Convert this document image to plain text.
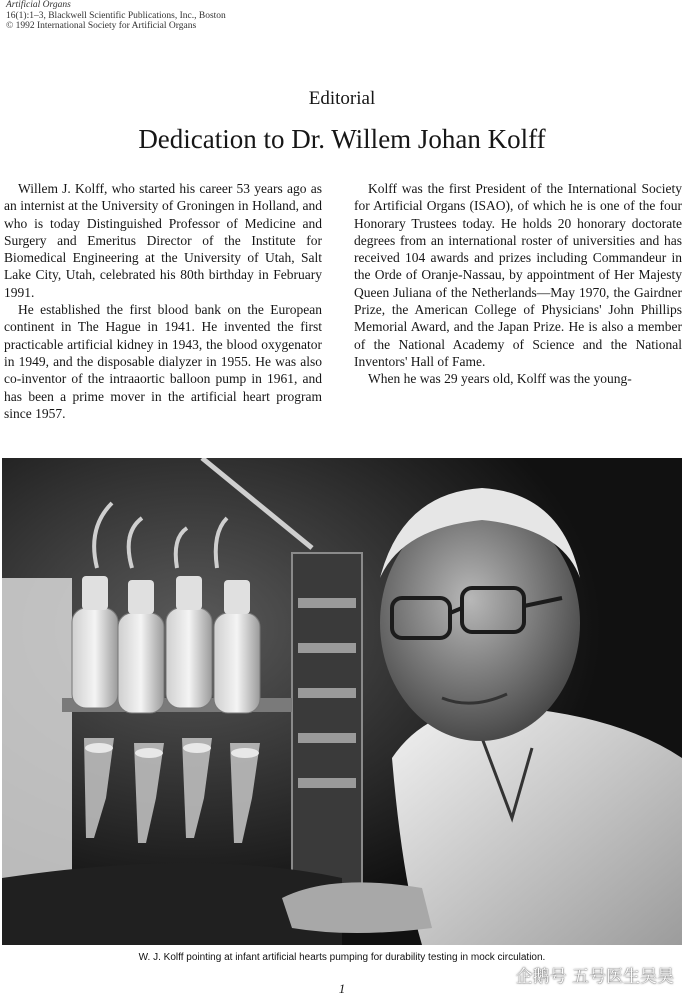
Artificial Organs
16(1):1–3, Blackwell Scientific Publications, Inc., Boston
© 1992 International Society for Artificial Organs
Editorial
Dedication to Dr. Willem Johan Kolff

Willem J. Kolff, who started his career 53 years ago as an internist at the University of Groningen in Holland, and who is today Distinguished Professor of Medicine and Surgery and Emeritus Director of the Institute for Biomedical Engineering at the University of Utah, Salt Lake City, Utah, celebrated his 80th birthday in February 1991.

He established the first blood bank on the European continent in The Hague in 1941. He invented the first practicable artificial kidney in 1943, the blood oxygenator in 1949, and the disposable dialyzer in 1955. He was also co-inventor of the intraaortic balloon pump in 1961, and has been a prime mover in the artificial heart program since 1957.

Kolff was the first President of the International Society for Artificial Organs (ISAO), of which he is one of the four Honorary Trustees today. He holds 20 honorary doctorate degrees from an international roster of universities and has received 104 awards and prizes including Commandeur in the Orde of Oranje-Nassau, by appointment of Her Majesty Queen Juliana of the Netherlands—May 1970, the Gairdner Prize, the American College of Physicians' John Phillips Memorial Award, and the Japan Prize. He is also a member of the National Academy of Science and the National Inventors' Hall of Fame.

When he was 29 years old, Kolff was the young-

W. J. Kolff pointing at infant artificial hearts pumping for durability testing in mock circulation.
1
企鹅号 五号医生吴昊
